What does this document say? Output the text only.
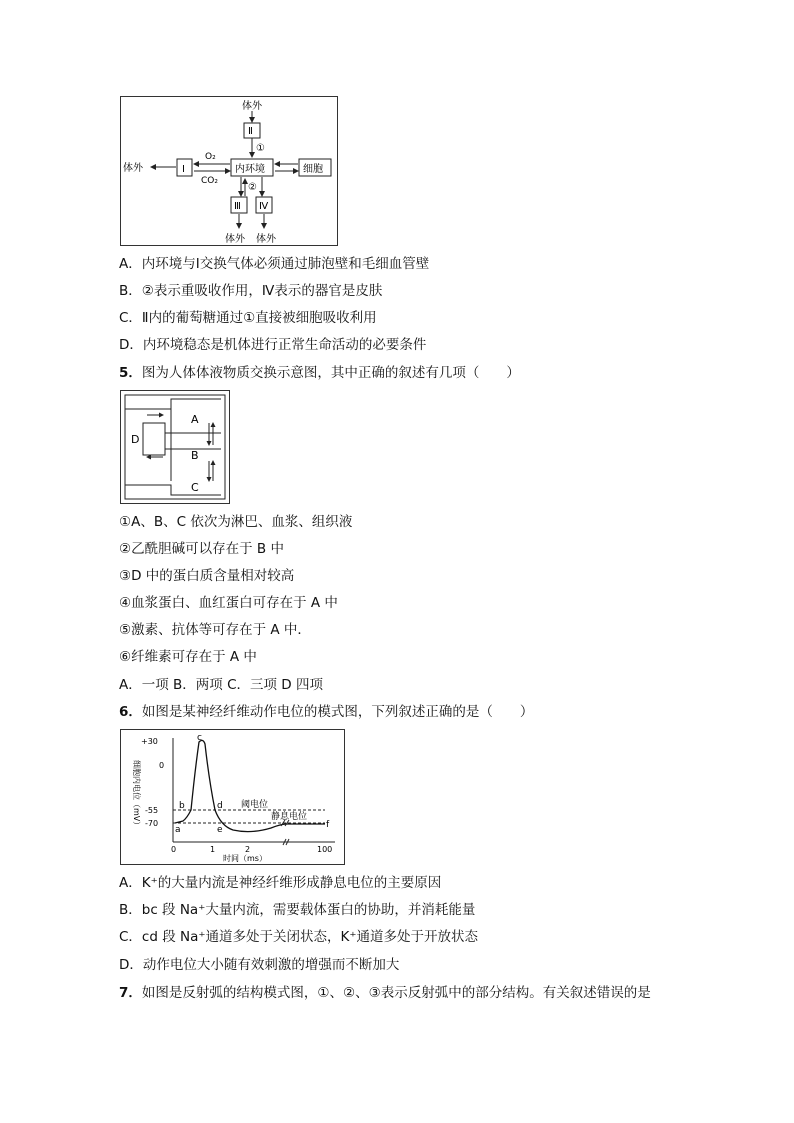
体外
Ⅱ
①
内环境
体外	Ⅰ
O₂
CO₂
细胞
②
Ⅲ Ⅳ
体外 体外
A．内环境与Ⅰ交换气体必须通过肺泡壁和毛细血管壁
B．②表示重吸收作用，Ⅳ表示的器官是皮肤
C．Ⅱ内的葡萄糖通过①直接被细胞吸收利用
D．内环境稳态是机体进行正常生命活动的必要条件
5．图为人体体液物质交换示意图，其中正确的叙述有几项（　　）
A
B
C
D
①A、B、C 依次为淋巴、血浆、组织液
②乙酰胆碱可以存在于 B 中
③D 中的蛋白质含量相对较高
④血浆蛋白、血红蛋白可存在于 A 中
⑤激素、抗体等可存在于 A 中．
⑥纤维素可存在于 A 中
A．一项 B．两项 C．三项 D 四项
6．如图是某神经纤维动作电位的模式图，下列叙述正确的是（　　）
+30
0
-55
-70
细胞内电位（mV）	阈电位
静息电位
a
b
c
d
e	f
0	1	2	100
时间（ms）
A．K⁺的大量内流是神经纤维形成静息电位的主要原因
B．bc 段 Na⁺大量内流，需要载体蛋白的协助，并消耗能量
C．cd 段 Na⁺通道多处于关闭状态，K⁺通道多处于开放状态
D．动作电位大小随有效刺激的增强而不断加大
7．如图是反射弧的结构模式图，①、②、③表示反射弧中的部分结构。有关叙述错误的是
